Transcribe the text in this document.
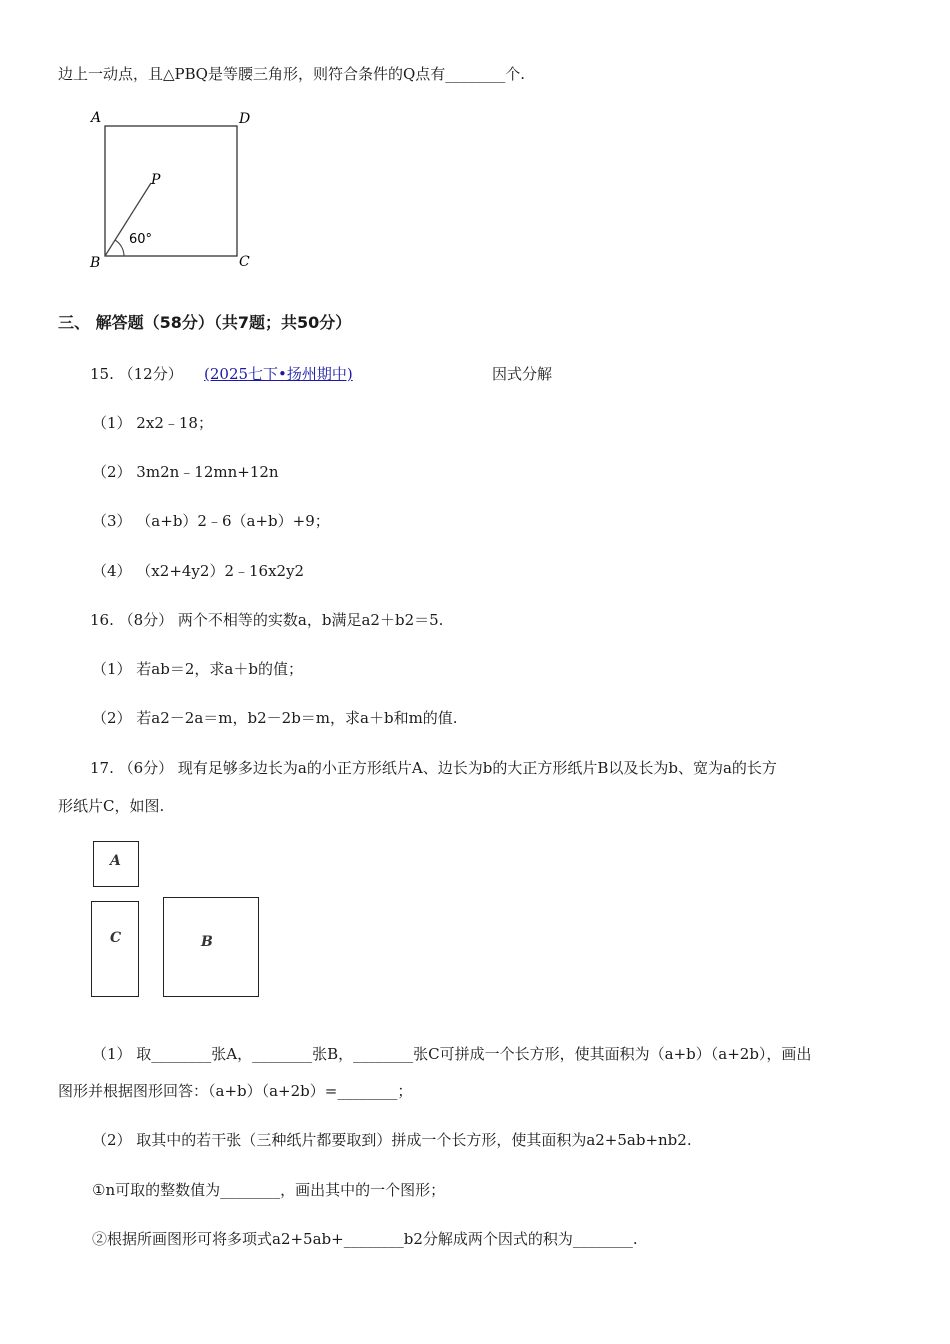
边上一动点，且△PBQ是等腰三角形，则符合条件的Q点有________个.
A	D
B	C
P
60°
三、 解答题（58分）（共7题；共50分）
15. （12分） (2025七下•扬州期中)	因式分解
（1） 2x2﹣18；
（2） 3m2n﹣12mn+12n
（3） （a+b）2﹣6（a+b）+9；
（4） （x2+4y2）2﹣16x2y2
16. （8分） 两个不相等的实数a，b满足a2＋b2＝5.
（1） 若ab＝2，求a＋b的值；
（2） 若a2－2a＝m，b2－2b＝m，求a＋b和m的值.
17. （6分） 现有足够多边长为a的小正方形纸片A、边长为b的大正方形纸片B以及长为b、宽为a的长方
形纸片C，如图.
A
C	B
（1） 取________张A，________张B，________张C可拼成一个长方形，使其面积为（a+b）（a+2b），画出
图形并根据图形回答：（a+b）（a+2b）=________；
（2） 取其中的若干张（三种纸片都要取到）拼成一个长方形，使其面积为a2+5ab+nb2.
①n可取的整数值为________，画出其中的一个图形；
②根据所画图形可将多项式a2+5ab+________b2分解成两个因式的积为________.
